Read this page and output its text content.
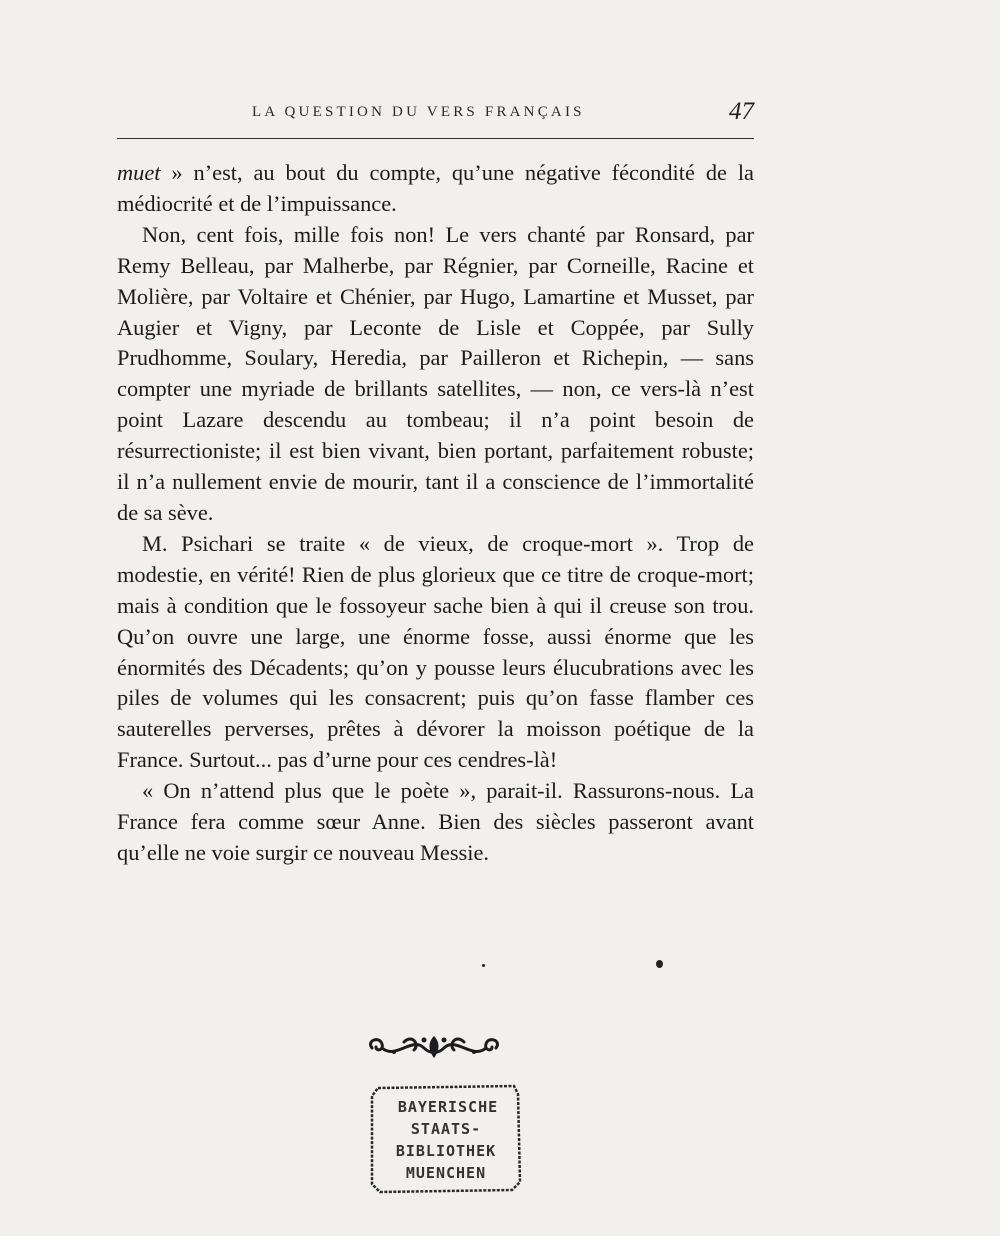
LA QUESTION DU VERS FRANÇAIS	47

muet » n’est, au bout du compte, qu’une négative fécondité de la médiocrité et de l’impuissance.

Non, cent fois, mille fois non! Le vers chanté par Ronsard, par Remy Belleau, par Malherbe, par Régnier, par Corneille, Racine et Molière, par Voltaire et Chénier, par Hugo, Lamartine et Musset, par Augier et Vigny, par Leconte de Lisle et Coppée, par Sully Prudhomme, Soulary, Heredia, par Pailleron et Richepin, — sans compter une myriade de brillants satellites, — non, ce vers-là n’est point Lazare descendu au tombeau; il n’a point besoin de résurrectioniste; il est bien vivant, bien portant, parfaitement robuste; il n’a nullement envie de mourir, tant il a conscience de l’immortalité de sa sève.

M. Psichari se traite « de vieux, de croque-mort ». Trop de modestie, en vérité! Rien de plus glorieux que ce titre de croque-mort; mais à condition que le fossoyeur sache bien à qui il creuse son trou. Qu’on ouvre une large, une énorme fosse, aussi énorme que les énormités des Décadents; qu’on y pousse leurs élucubrations avec les piles de volumes qui les consacrent; puis qu’on fasse flamber ces sauterelles perverses, prêtes à dévorer la moisson poétique de la France. Surtout... pas d’urne pour ces cendres-là!

« On n’attend plus que le poète », parait-il. Rassurons-nous. La France fera comme sœur Anne. Bien des siècles passeront avant qu’elle ne voie surgir ce nouveau Messie.

BAYERISCHE
STAATS-
BIBLIOTHEK
MUENCHEN
